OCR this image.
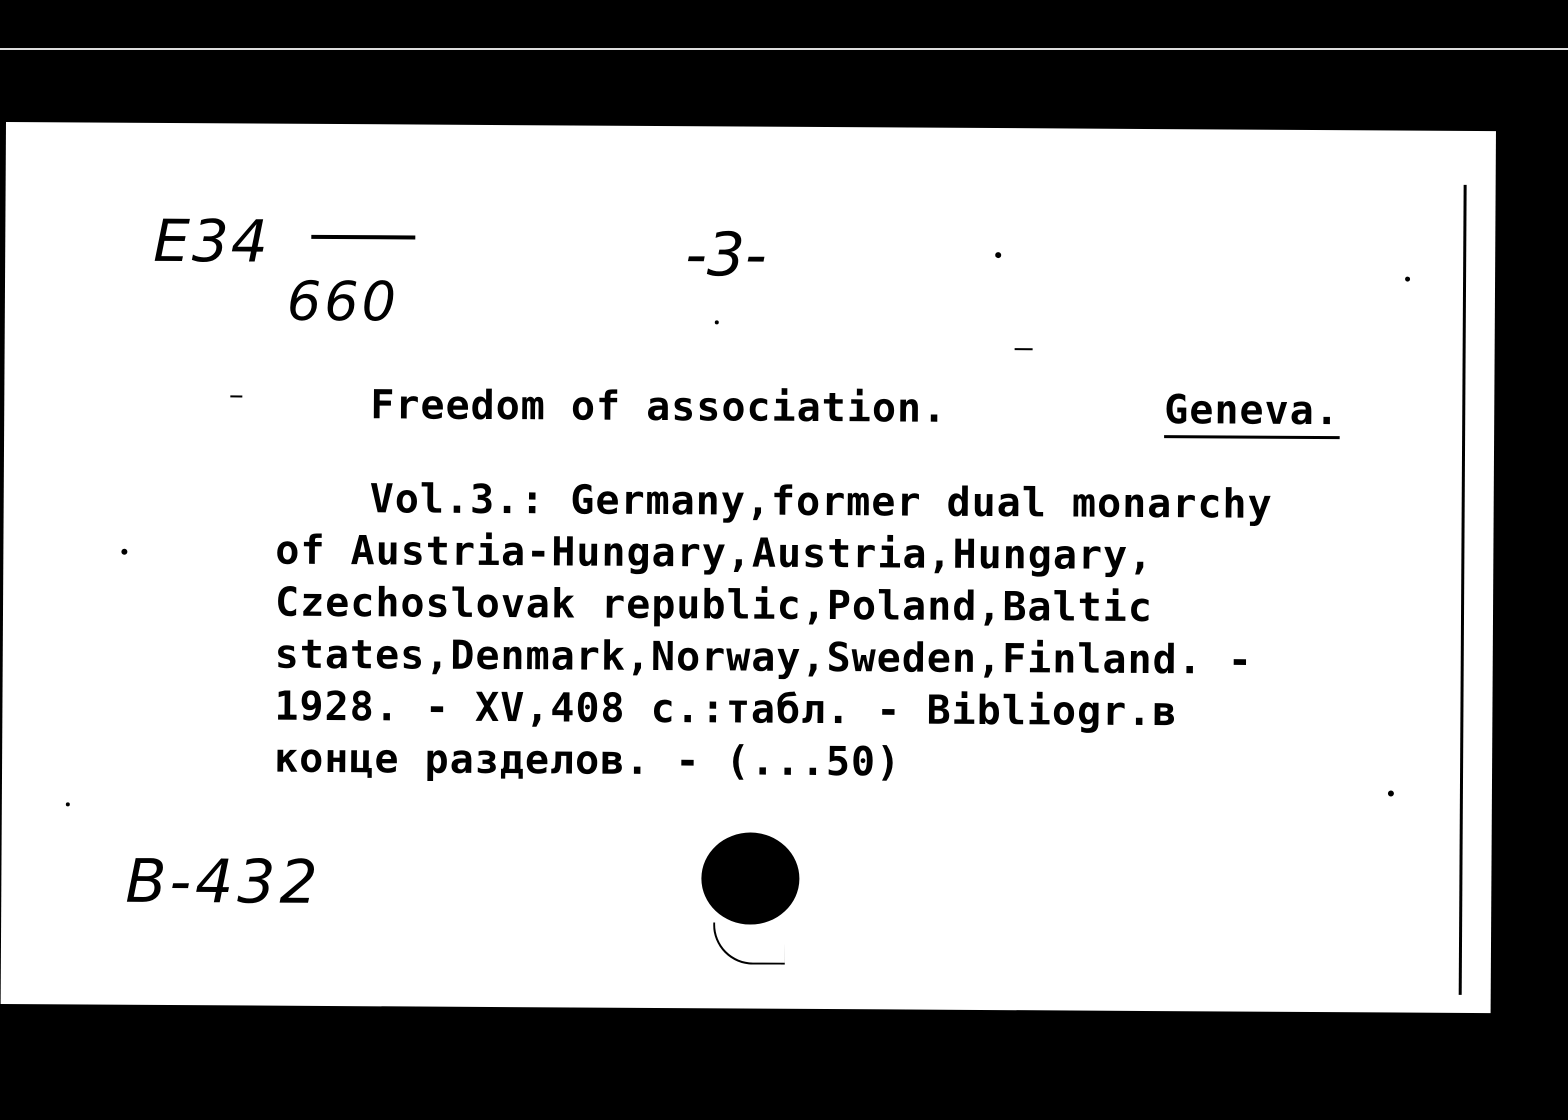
E34
660
-3-
Freedom of association.	Geneva.
Vol.3.: Germany,former dual monarchy
of Austria-Hungary,Austria,Hungary,
Czechoslovak republic,Poland,Baltic
states,Denmark,Norway,Sweden,Finland. -
1928. - XV,408 с.:табл. - Bibliogr.в
конце разделов. - (...50)
B-432
